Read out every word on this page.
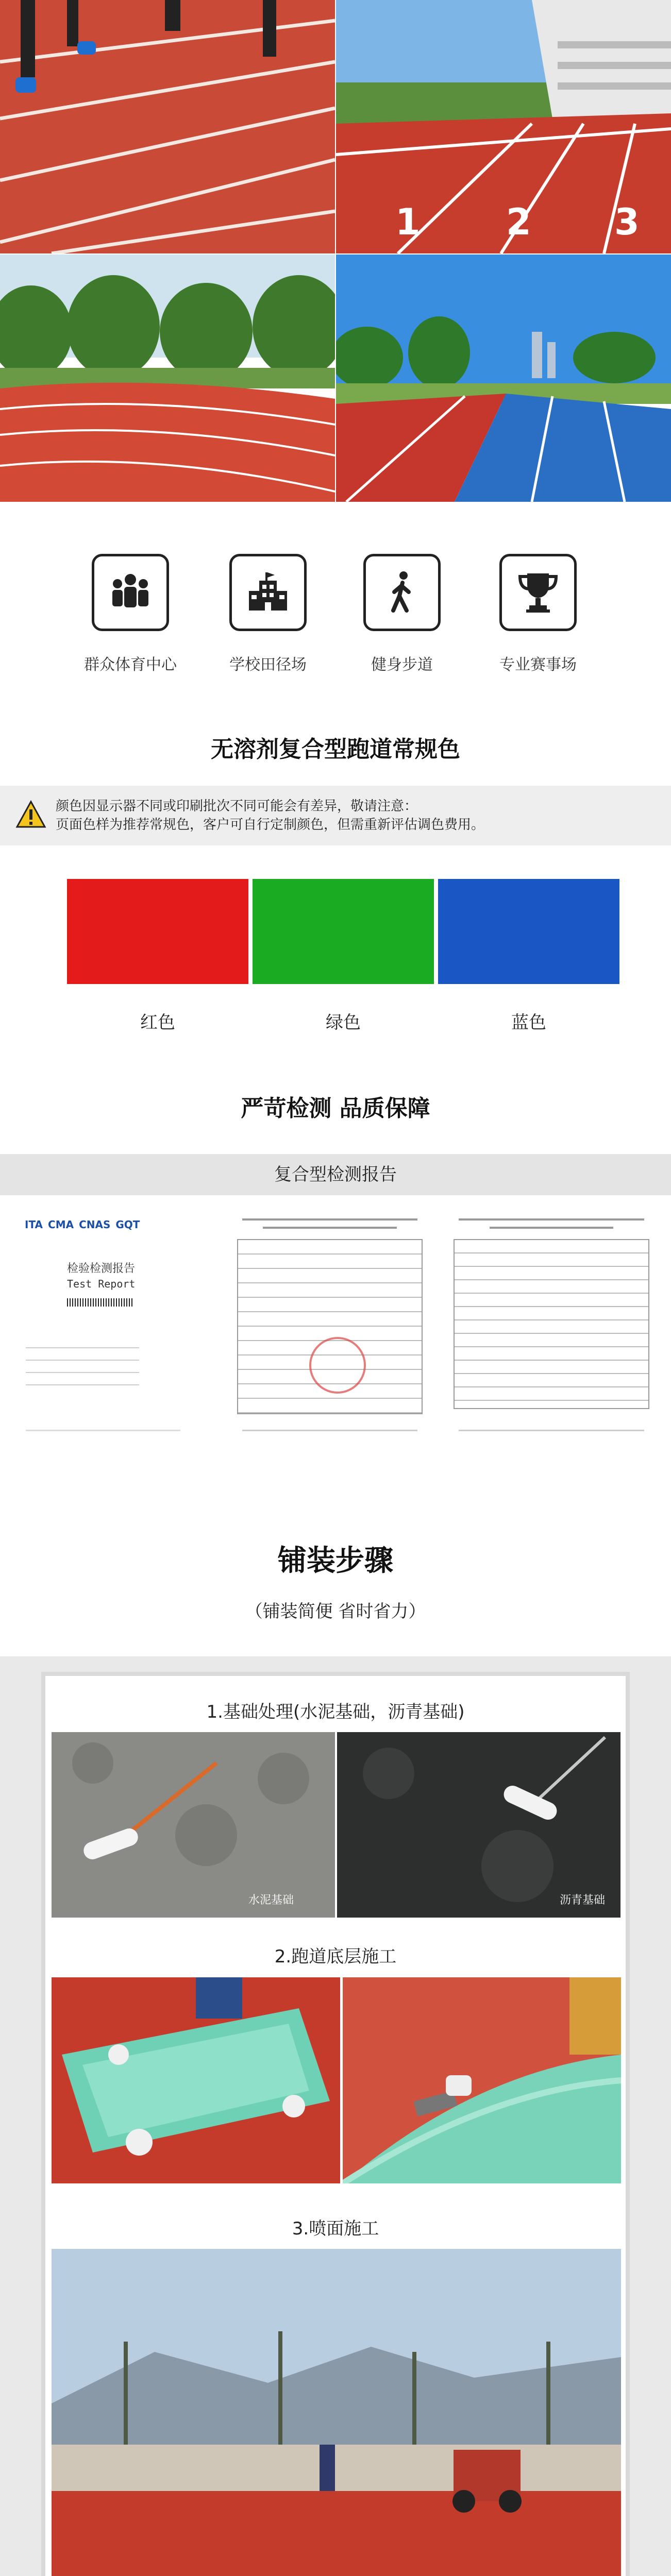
1 2 3
群众体育中心	学校田径场	健身步道	专业赛事场
无溶剂复合型跑道常规色
颜色因显示器不同或印刷批次不同可能会有差异，敬请注意：
页面色样为推荐常规色，客户可自行定制颜色，但需重新评估调色费用。
红色	绿色	蓝色
严苛检测 品质保障
复合型检测报告
ITA CMA CNAS GQT
检验检测报告
Test Report
铺装步骤
（铺装简便 省时省力）
1.基础处理(水泥基础，沥青基础)
水泥基础	沥青基础
2.跑道底层施工
3.喷面施工
